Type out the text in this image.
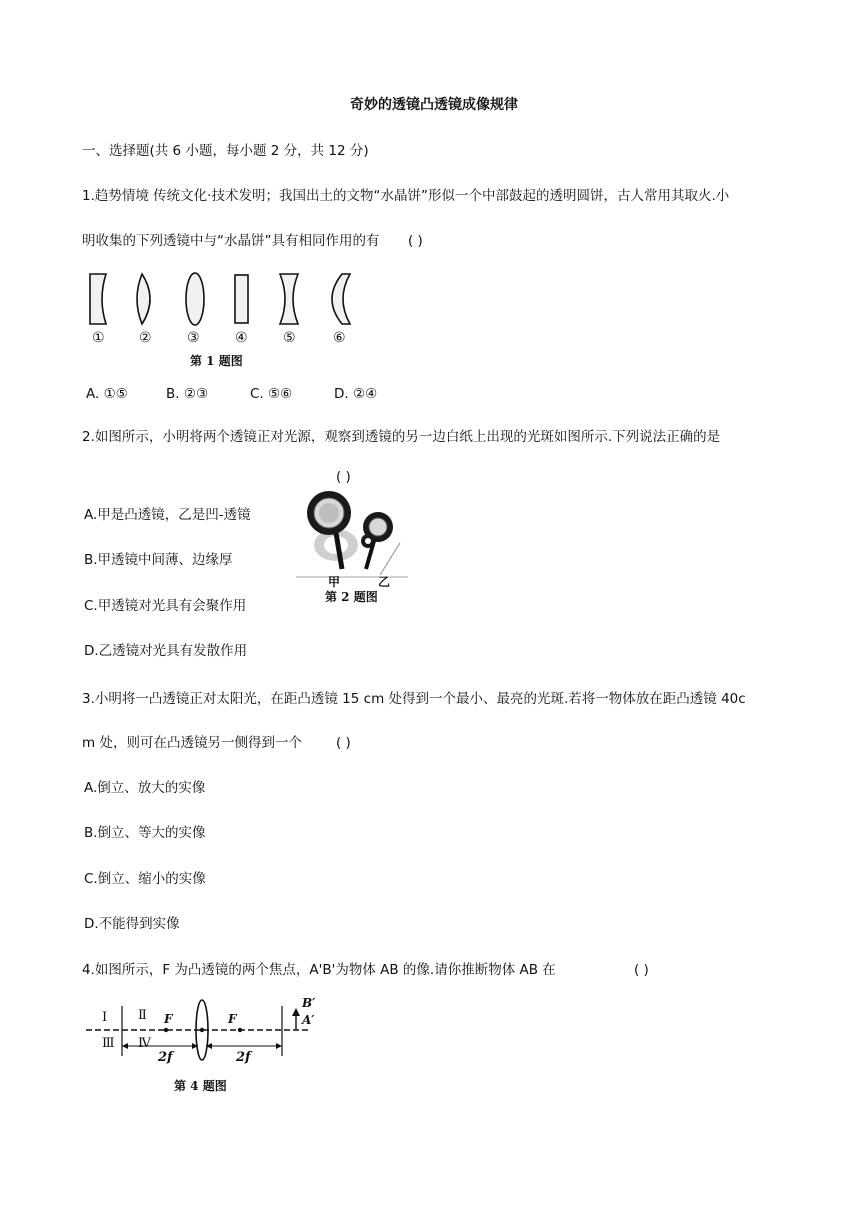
奇妙的透镜凸透镜成像规律
一、选择题(共 6 小题，每小题 2 分，共 12 分)
1.趋势情境 传统文化·技术发明；我国出土的文物“水晶饼”形似一个中部鼓起的透明圆饼，古人常用其取火.小
明收集的下列透镜中与“水晶饼”具有相同作用的有 ( )
① ②	③	④	⑤	⑥
第 1 题图
A. ①⑤	B. ②③	C. ⑤⑥	D. ②④
2.如图所示，小明将两个透镜正对光源，观察到透镜的另一边白纸上出现的光斑如图所示.下列说法正确的是
( )
A.甲是凸透镜，乙是凹-透镜
B.甲透镜中间薄、边缘厚
C.甲透镜对光具有会聚作用
D.乙透镜对光具有发散作用
甲	乙
第 2 题图
3.小明将一凸透镜正对太阳光，在距凸透镜 15 cm 处得到一个最小、最亮的光斑.若将一物体放在距凸透镜 40c
m 处，则可在凸透镜另一侧得到一个	( )
A.倒立、放大的实像
B.倒立、等大的实像
C.倒立、缩小的实像
D.不能得到实像
4.如图所示，F 为凸透镜的两个焦点，A'B'为物体 AB 的像.请你推断物体 AB 在	( )
Ⅰ Ⅱ
Ⅲ Ⅳ
F	F
2f	2f
B′
A′
第 4 题图
